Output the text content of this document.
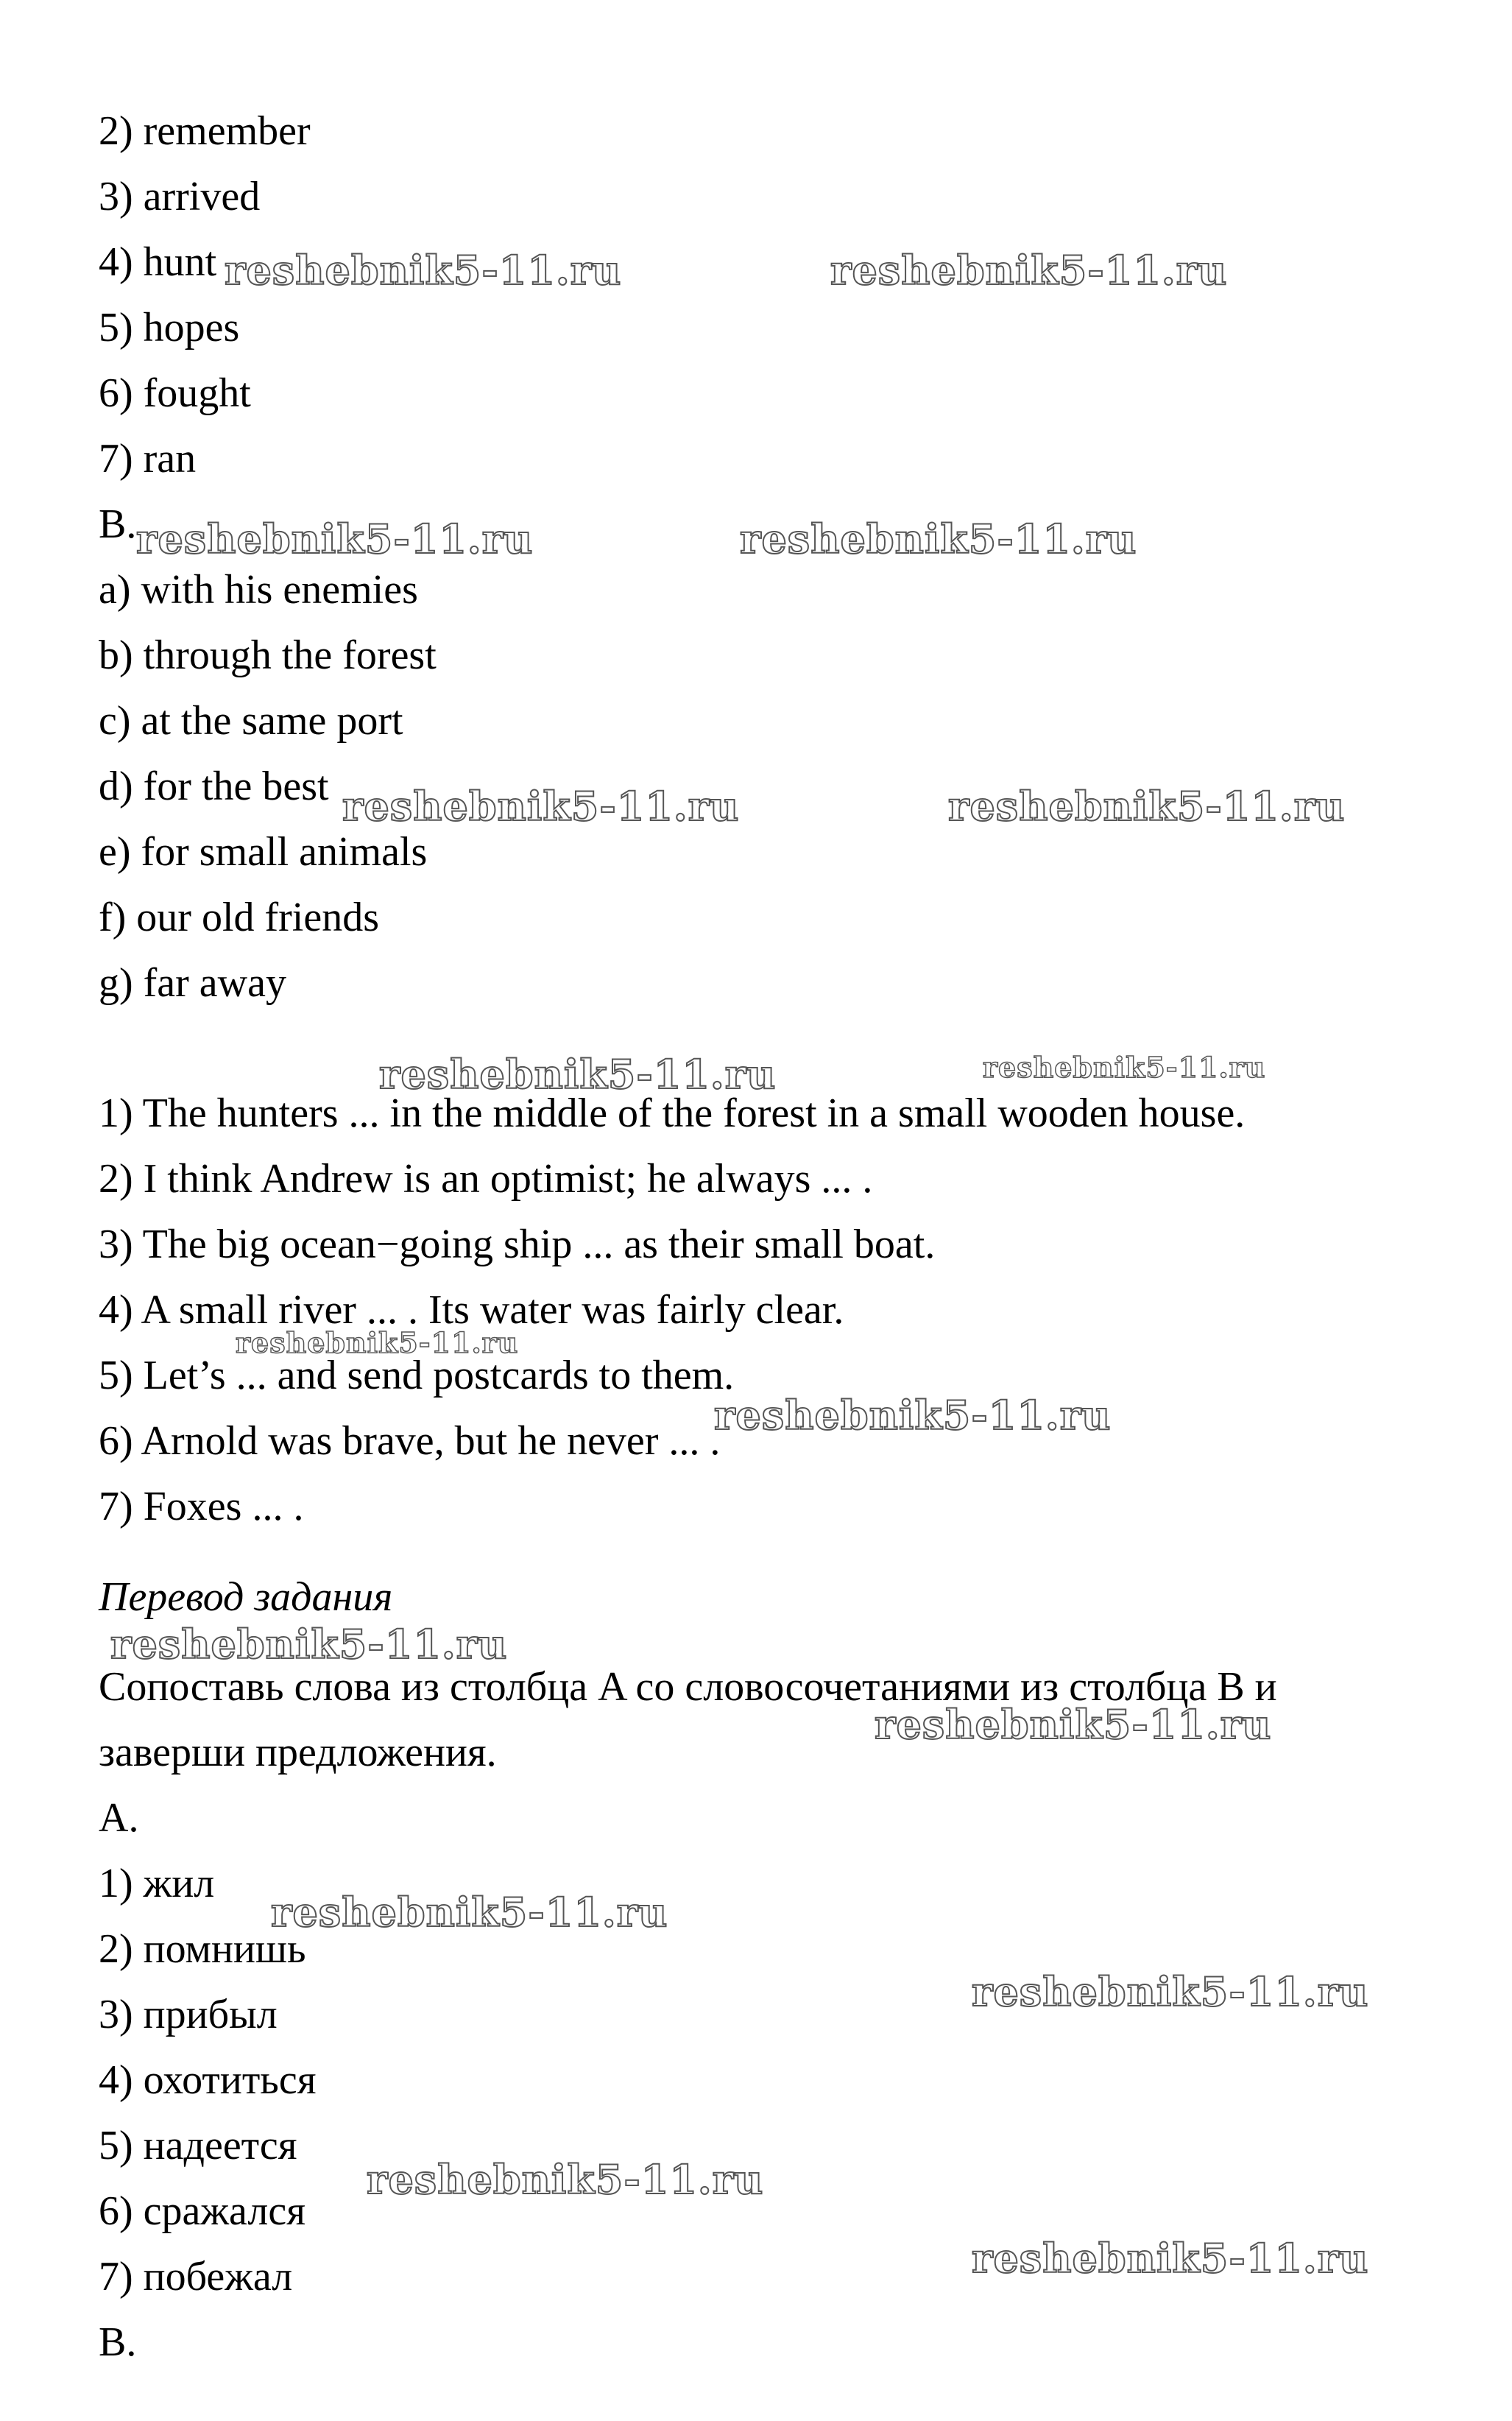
2) remember
3) arrived
4) hunt
5) hopes
6) fought
7) ran
B.
a) with his enemies
b) through the forest
c) at the same port
d) for the best
e) for small animals
f) our old friends
g) far away
1) The hunters ... in the middle of the forest in a small wooden house.
2) I think Andrew is an optimist; he always ... .
3) The big ocean−going ship ... as their small boat.
4) A small river ... . Its water was fairly clear.
5) Let’s ... and send postcards to them.
6) Arnold was brave, but he never ... .
7) Foxes ... .
Перевод задания
Сопоставь слова из столбца A со словосочетаниями из столбца B и
заверши предложения.
A.
1) жил
2) помнишь
3) прибыл
4) охотиться
5) надеется
6) сражался
7) побежал
B.
reshebnik5-11.ru	reshebnik5-11.ru
reshebnik5-11.ru	reshebnik5-11.ru
reshebnik5-11.ru	reshebnik5-11.ru
reshebnik5-11.ru	reshebnik5-11.ru
reshebnik5-11.ru
reshebnik5-11.ru
reshebnik5-11.ru
reshebnik5-11.ru
reshebnik5-11.ru
reshebnik5-11.ru
reshebnik5-11.ru
reshebnik5-11.ru
